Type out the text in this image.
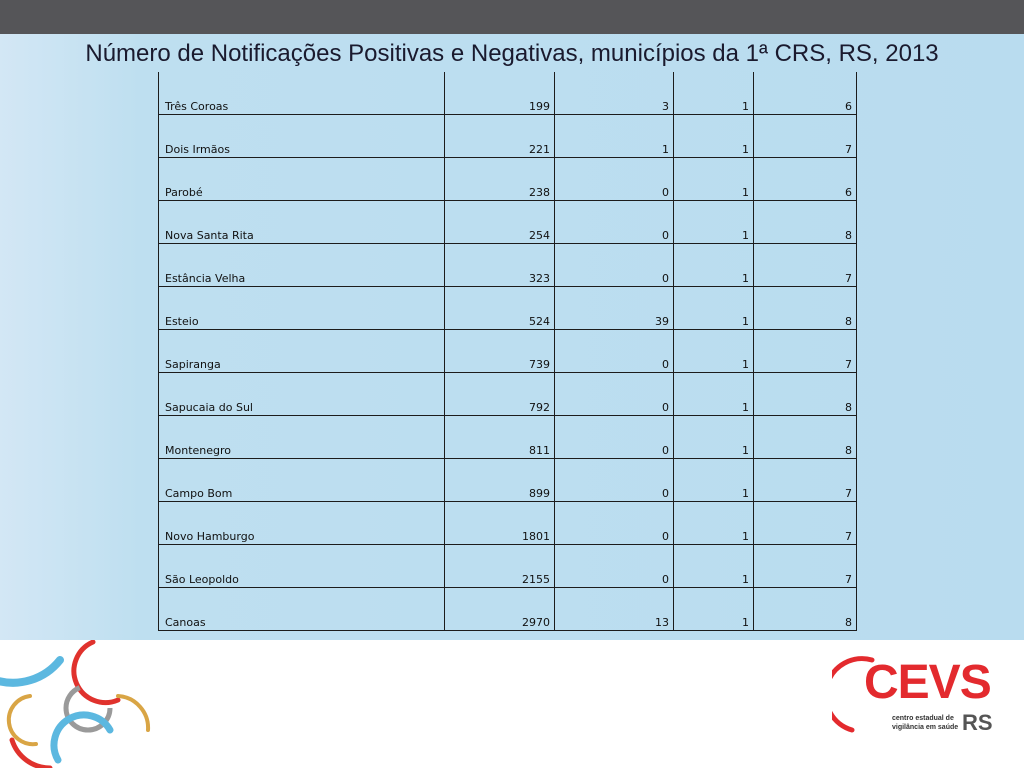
Número de Notificações Positivas e Negativas, municípios da 1ª CRS, RS, 2013
Três Coroas	199	3	1	6
Dois Irmãos	221	1	1	7
Parobé	238	0	1	6
Nova Santa Rita	254	0	1	8
Estância Velha	323	0	1	7
Esteio	524	39	1	8
Sapiranga	739	0	1	7
Sapucaia do Sul	792	0	1	8
Montenegro	811	0	1	8
Campo Bom	899	0	1	7
Novo Hamburgo	1801	0	1	7
São Leopoldo	2155	0	1	7
Canoas	2970	13	1	8
CEVS
centro estadual de
vigilância em saúde RS
